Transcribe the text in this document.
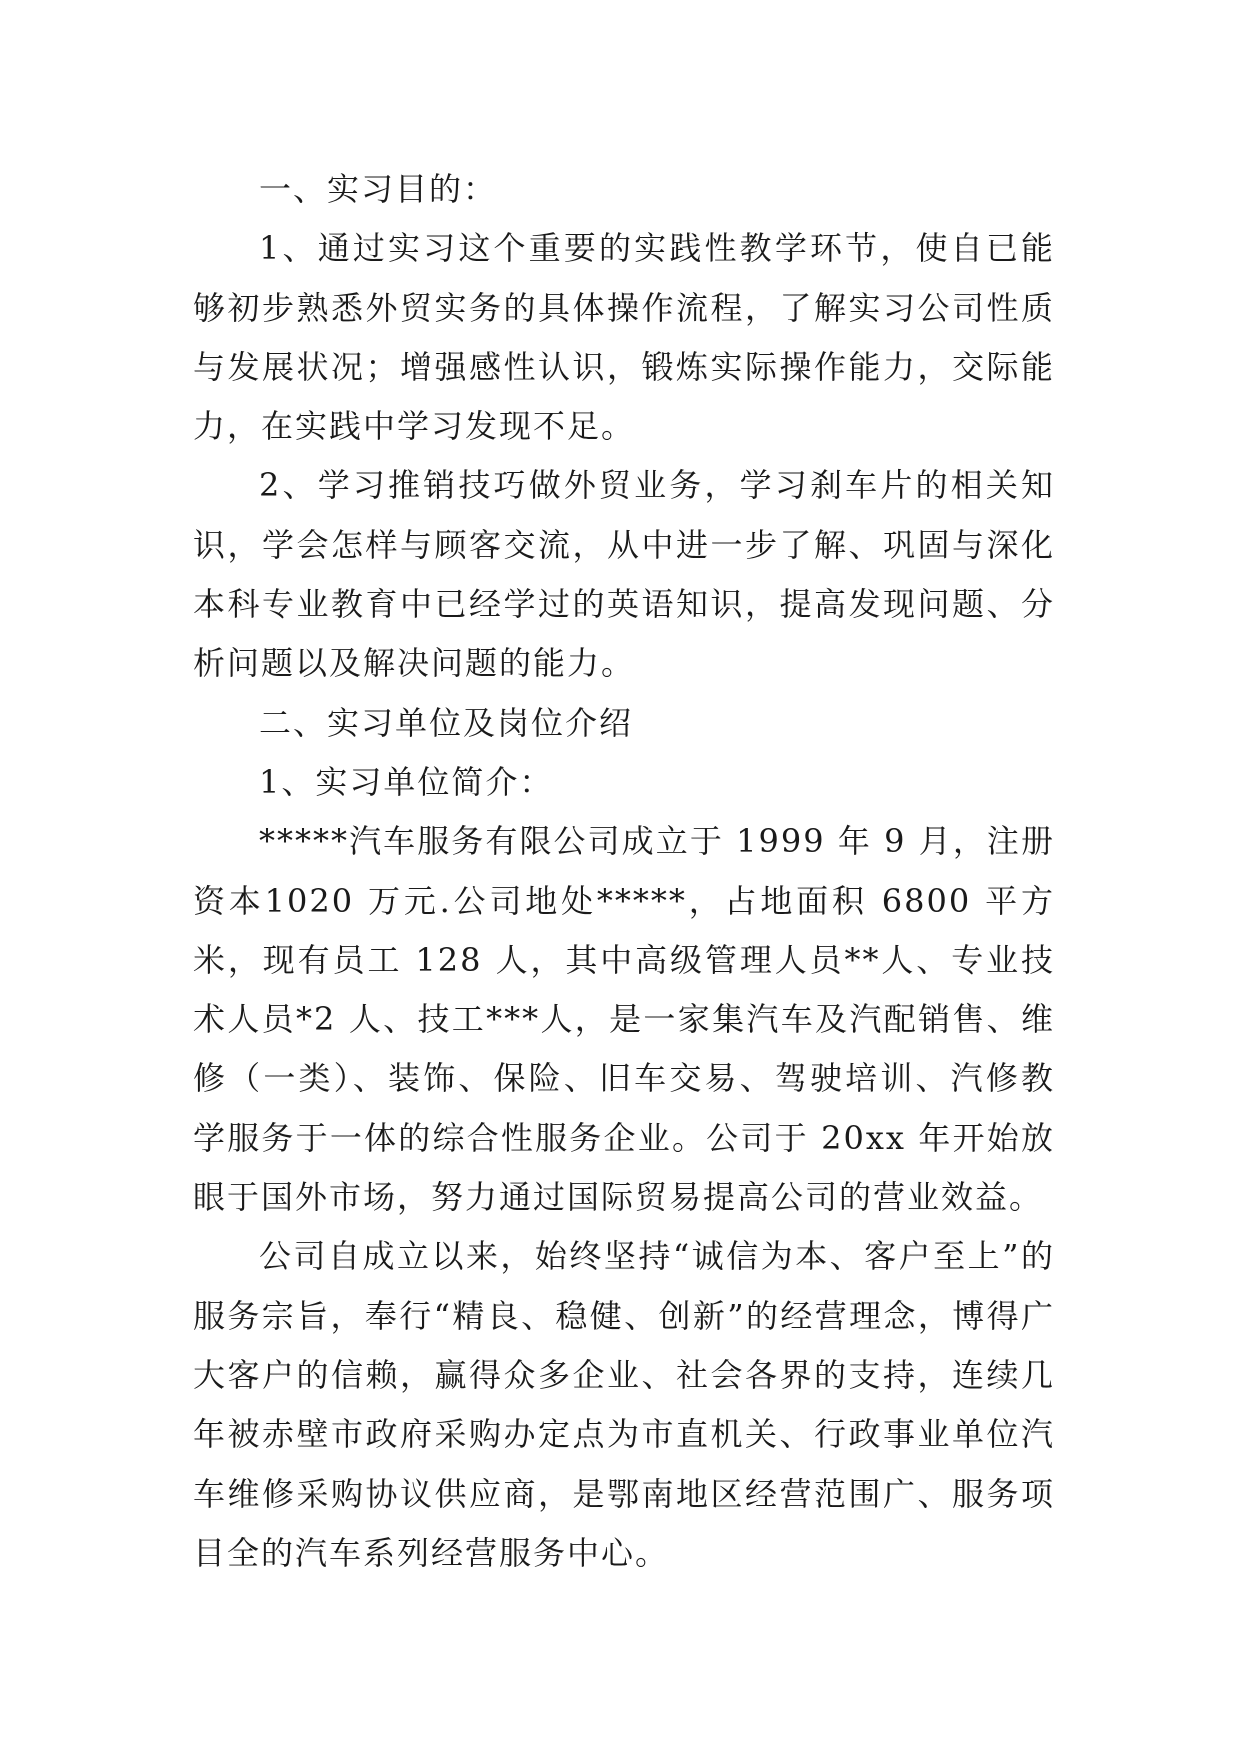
一、实习目的：

1、通过实习这个重要的实践性教学环节，使自已能够初步熟悉外贸实务的具体操作流程，了解实习公司性质与发展状况；增强感性认识，锻炼实际操作能力，交际能力，在实践中学习发现不足。

2、学习推销技巧做外贸业务，学习刹车片的相关知识，学会怎样与顾客交流，从中进一步了解、巩固与深化本科专业教育中已经学过的英语知识，提高发现问题、分析问题以及解决问题的能力。

二、实习单位及岗位介绍

1、实习单位简介：

*****汽车服务有限公司成立于 1999 年 9 月，注册资本1020 万元.公司地处*****，占地面积 6800 平方米，现有员工 128 人，其中高级管理人员**人、专业技术人员*2 人、技工***人，是一家集汽车及汽配销售、维修（一类）、装饰、保险、旧车交易、驾驶培训、汽修教学服务于一体的综合性服务企业。公司于 20xx 年开始放眼于国外市场，努力通过国际贸易提高公司的营业效益。

公司自成立以来，始终坚持“诚信为本、客户至上”的服务宗旨，奉行“精良、稳健、创新”的经营理念，博得广大客户的信赖，赢得众多企业、社会各界的支持，连续几年被赤壁市政府采购办定点为市直机关、行政事业单位汽车维修采购协议供应商，是鄂南地区经营范围广、服务项目全的汽车系列经营服务中心。
